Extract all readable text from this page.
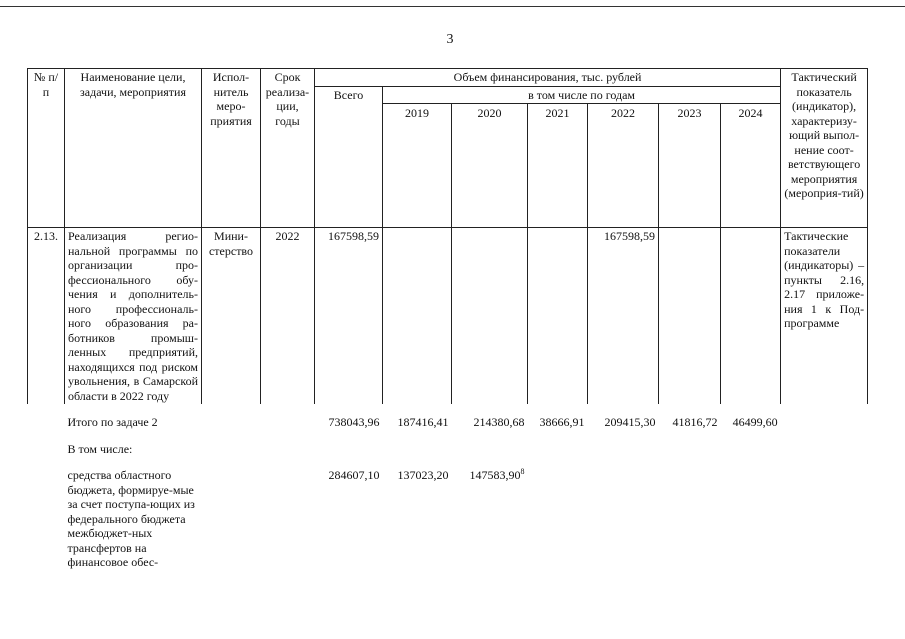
3
№ п/п	Наименование цели, задачи, мероприятия	Испол-нитель меро-приятия	Срок реализа-ции, годы	Объем финансирования, тыс. рублей							Тактический показатель (индикатор), характеризу-ющий выпол-нение соот-ветствующего мероприятия (мероприя-тий)
				Всего	в том числе по годам						
					2019	2020	2021	2022	2023	2024	
2.13.	Реализация регио-нальной программы по организации про-фессионального обу-чения и дополнитель-ного профессиональ-ного образования ра-ботников промыш-ленных предприятий, находящихся под риском увольнения, в Самарской области в 2022 году	Мини-стерство	2022	167598,59				167598,59			Тактические показатели (индикаторы) – пункты 2.16, 2.17 приложе-ния 1 к Под-программе

	Итого по задаче 2			738043,96	187416,41	214380,68	38666,91	209415,30	41816,72	46499,60	

	В том числе:										

	средства областного бюджета, формируе-мые за счет поступа-ющих из федерального бюджета межбюджет-ных трансфертов на финансовое обес-			284607,10	137023,20	147583,90$^8$					
